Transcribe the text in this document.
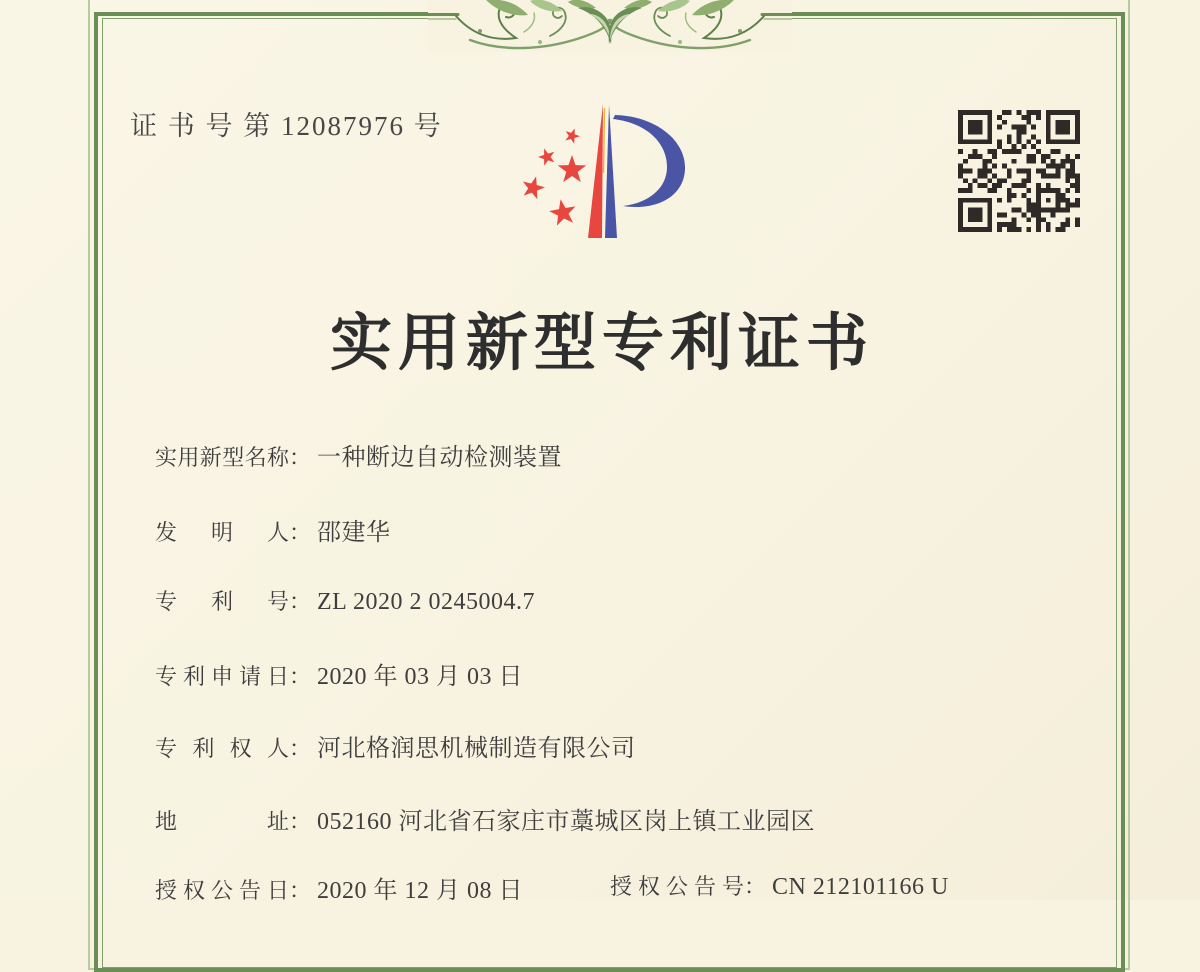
证 书 号 第 12087976 号
实用新型专利证书
实用新型名称： 一种断边自动检测装置
发明人： 邵建华
专利号： ZL 2020 2 0245004.7
专利申请日： 2020 年 03 月 03 日
专利权人： 河北格润思机械制造有限公司
地址： 052160 河北省石家庄市藁城区岗上镇工业园区
授权公告日： 2020 年 12 月 08 日	授权公告号： CN 212101166 U
